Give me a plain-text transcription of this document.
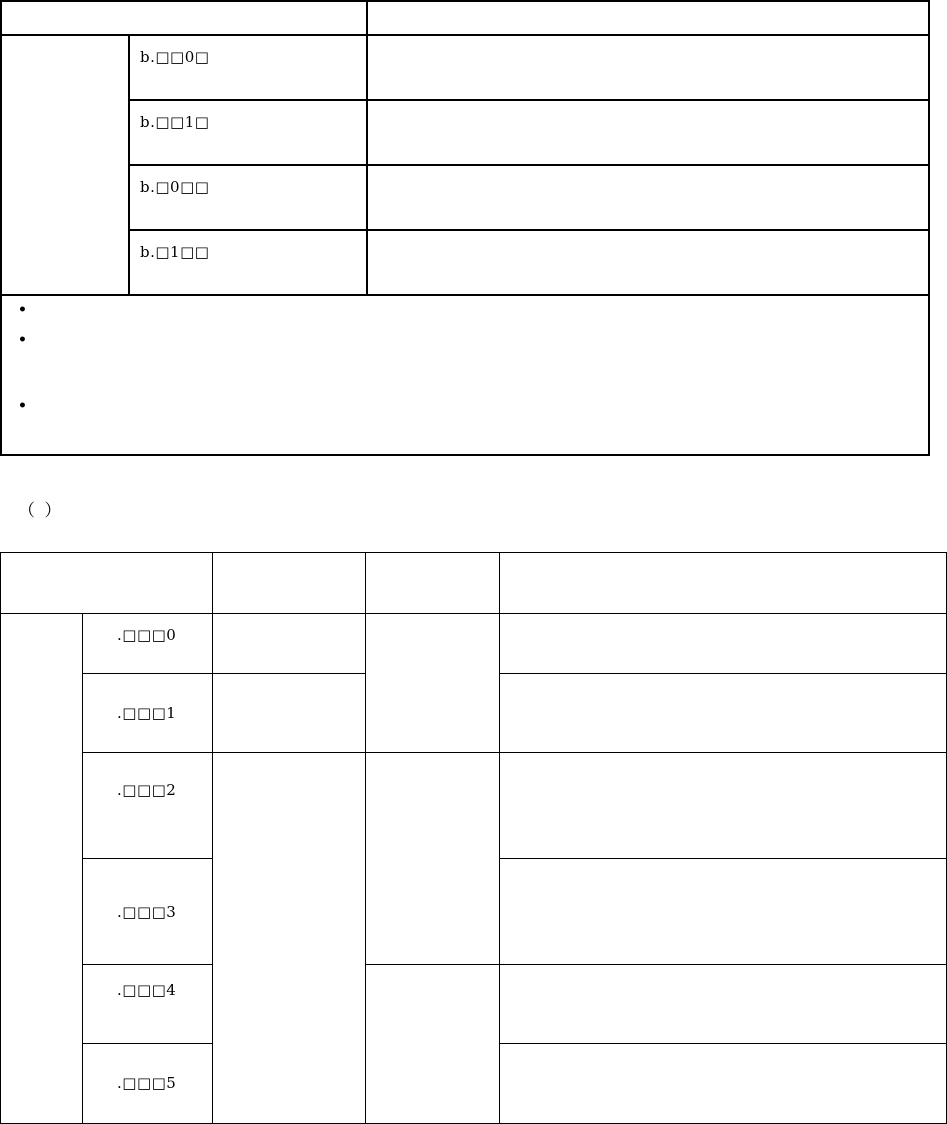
	b.□□0□	
	b.□□1□	
	b.□0□□	
	b.□1□□	

•
•
•		
（ ）

	.□□□0			
	.□□□1			
	.□□□2			
	.□□□3			
	.□□□4			
	.□□□5			
